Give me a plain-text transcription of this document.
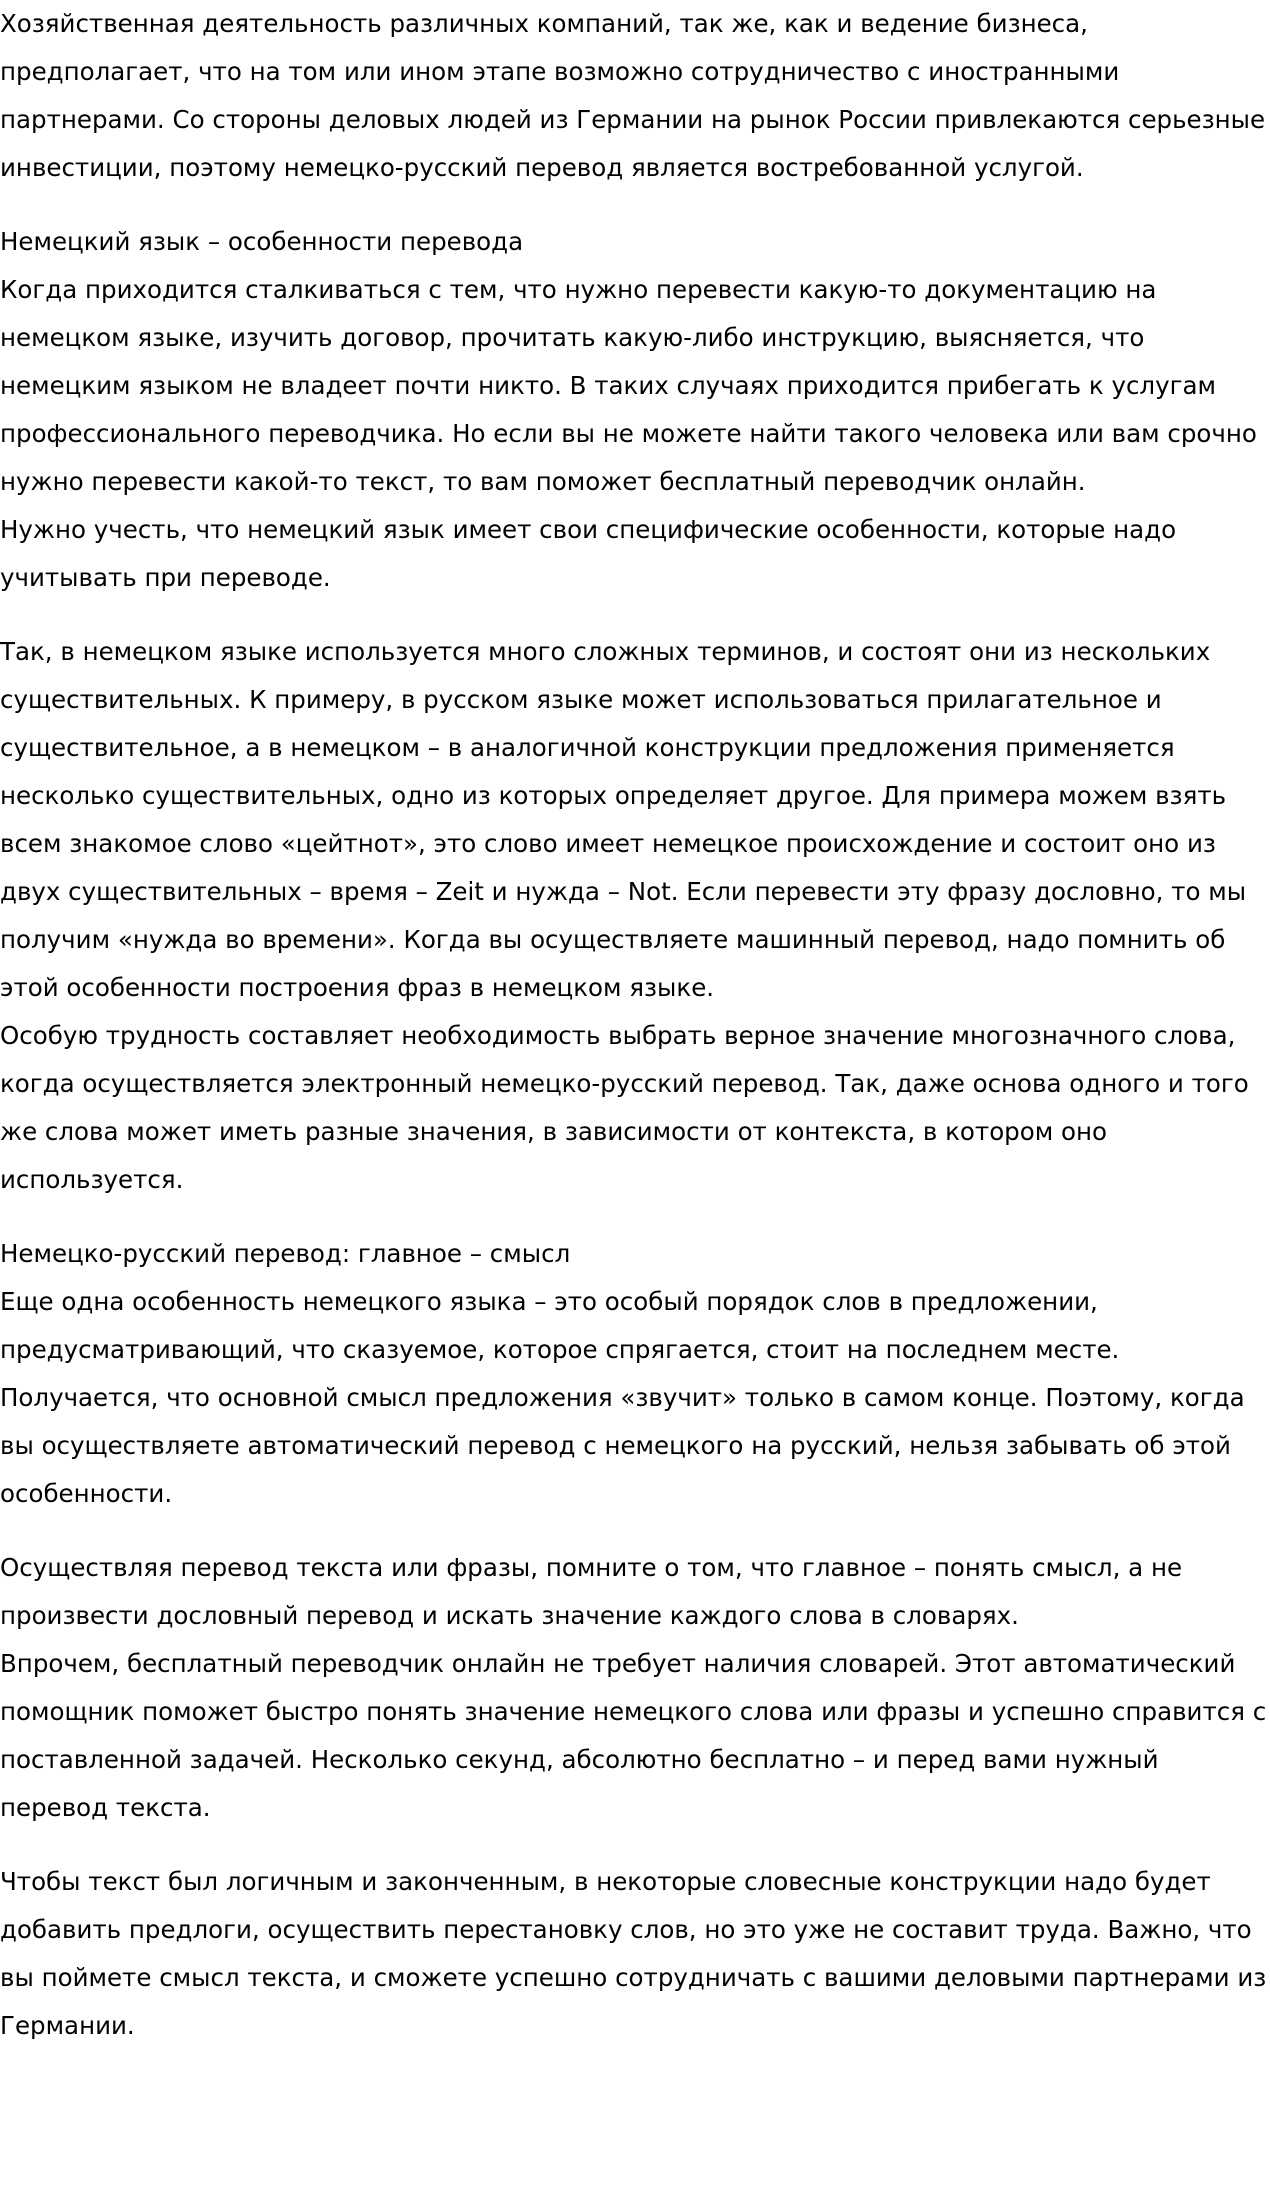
Хозяйственная деятельность различных компаний, так же, как и ведение бизнеса, предполагает, что на том или ином этапе возможно сотрудничество с иностранными партнерами. Со стороны деловых людей из Германии на рынок России привлекаются серьезные инвестиции, поэтому немецко-русский перевод является востребованной услугой.

Немецкий язык – особенности перевода

Когда приходится сталкиваться с тем, что нужно перевести какую-то документацию на немецком языке, изучить договор, прочитать какую-либо инструкцию, выясняется, что немецким языком не владеет почти никто. В таких случаях приходится прибегать к услугам профессионального переводчика. Но если вы не можете найти такого человека или вам срочно нужно перевести какой-то текст, то вам поможет бесплатный переводчик онлайн.

Нужно учесть, что немецкий язык имеет свои специфические особенности, которые надо учитывать при переводе.

Так, в немецком языке используется много сложных терминов, и состоят они из нескольких существительных. К примеру, в русском языке может использоваться прилагательное и существительное, а в немецком – в аналогичной конструкции предложения применяется несколько существительных, одно из которых определяет другое. Для примера можем взять всем знакомое слово «цейтнот», это слово имеет немецкое происхождение и состоит оно из двух существительных – время – Zeit и нужда – Not. Если перевести эту фразу дословно, то мы получим «нужда во времени». Когда вы осуществляете машинный перевод, надо помнить об этой особенности построения фраз в немецком языке.

Особую трудность составляет необходимость выбрать верное значение многозначного слова, когда осуществляется электронный немецко-русский перевод. Так, даже основа одного и того же слова может иметь разные значения, в зависимости от контекста, в котором оно используется.

Немецко-русский перевод: главное – смысл

Еще одна особенность немецкого языка – это особый порядок слов в предложении, предусматривающий, что сказуемое, которое спрягается, стоит на последнем месте. Получается, что основной смысл предложения «звучит» только в самом конце. Поэтому, когда вы осуществляете автоматический перевод с немецкого на русский, нельзя забывать об этой особенности.

Осуществляя перевод текста или фразы, помните о том, что главное – понять смысл, а не произвести дословный перевод и искать значение каждого слова в словарях.

Впрочем, бесплатный переводчик онлайн не требует наличия словарей. Этот автоматический помощник поможет быстро понять значение немецкого слова или фразы и успешно справится с поставленной задачей. Несколько секунд, абсолютно бесплатно – и перед вами нужный перевод текста.

Чтобы текст был логичным и законченным, в некоторые словесные конструкции надо будет добавить предлоги, осуществить перестановку слов, но это уже не составит труда. Важно, что вы поймете смысл текста, и сможете успешно сотрудничать с вашими деловыми партнерами из Германии.
